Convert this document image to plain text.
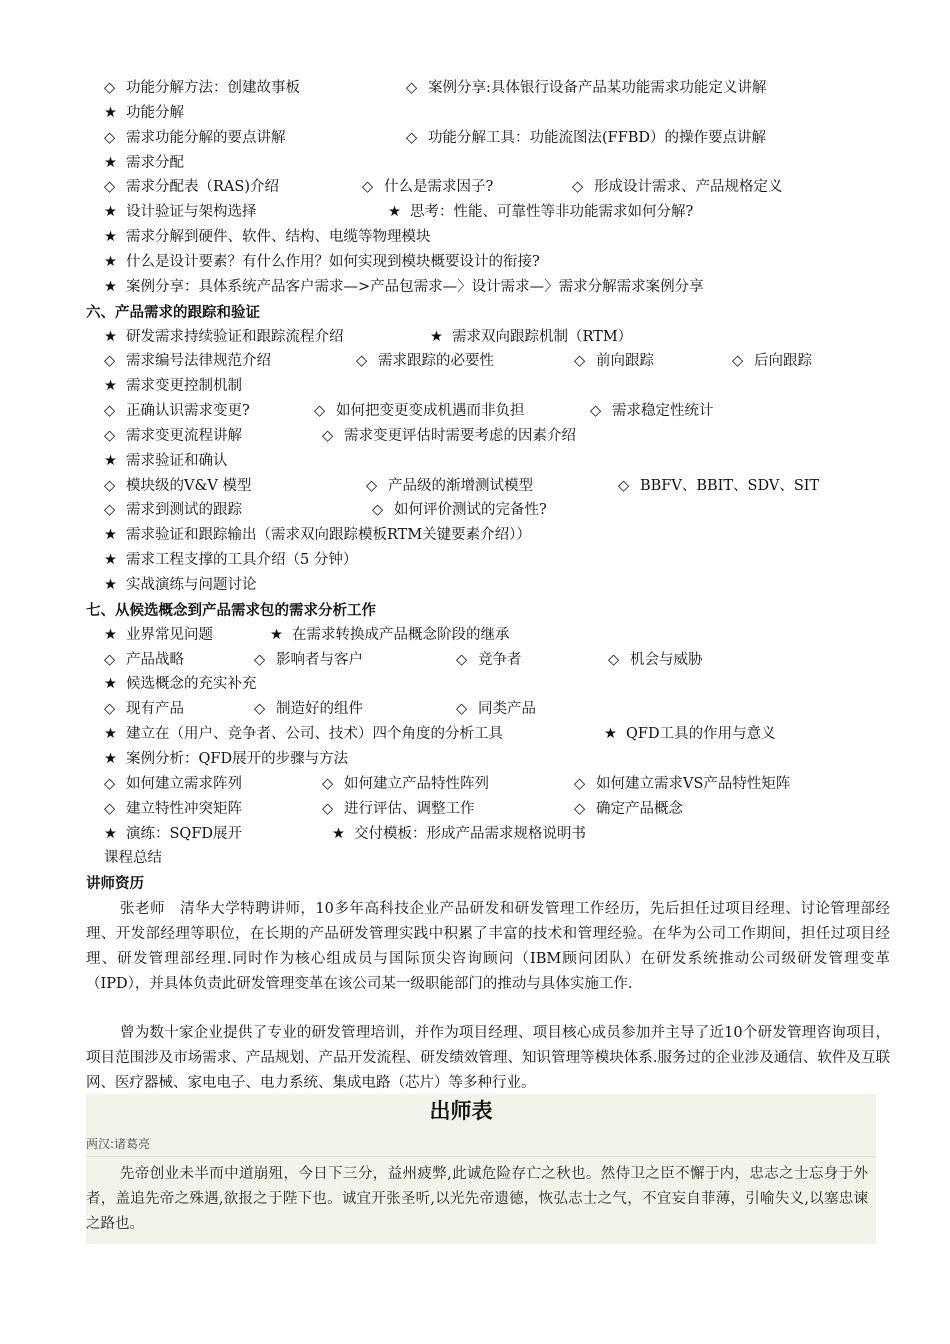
◇ 功能分解方法：创建故事板	◇ 案例分享:具体银行设备产品某功能需求功能定义讲解
★ 功能分解
◇ 需求功能分解的要点讲解	◇ 功能分解工具：功能流图法(FFBD）的操作要点讲解
★ 需求分配
◇ 需求分配表（RAS)介绍	◇ 什么是需求因子?	◇ 形成设计需求、产品规格定义
★ 设计验证与架构选择	★ 思考：性能、可靠性等非功能需求如何分解?
★ 需求分解到硬件、软件、结构、电缆等物理模块
★ 什么是设计要素？有什么作用？如何实现到模块概要设计的衔接?
★ 案例分享：具体系统产品客户需求—>产品包需求—〉设计需求—〉需求分解需求案例分享
六、产品需求的跟踪和验证
★ 研发需求持续验证和跟踪流程介绍	★ 需求双向跟踪机制（RTM）
◇ 需求编号法律规范介绍	◇ 需求跟踪的必要性	◇ 前向跟踪	◇ 后向跟踪
★ 需求变更控制机制
◇ 正确认识需求变更?	◇ 如何把变更变成机遇而非负担	◇ 需求稳定性统计
◇ 需求变更流程讲解	◇ 需求变更评估时需要考虑的因素介绍
★ 需求验证和确认
◇ 模块级的V&V 模型	◇ 产品级的渐增测试模型	◇ BBFV、BBIT、SDV、SIT
◇ 需求到测试的跟踪	◇ 如何评价测试的完备性?
★ 需求验证和跟踪输出（需求双向跟踪模板RTM关键要素介绍））
★ 需求工程支撑的工具介绍（5 分钟）
★ 实战演练与问题讨论
七、从候选概念到产品需求包的需求分析工作
★ 业界常见问题	★ 在需求转换成产品概念阶段的继承
◇ 产品战略	◇ 影响者与客户	◇ 竞争者	◇ 机会与威胁
★ 候选概念的充实补充
◇ 现有产品	◇ 制造好的组件	◇ 同类产品
★ 建立在（用户、竞争者、公司、技术）四个角度的分析工具	★ QFD工具的作用与意义
★ 案例分析：QFD展开的步骤与方法
◇ 如何建立需求阵列	◇ 如何建立产品特性阵列	◇ 如何建立需求VS产品特性矩阵
◇ 建立特性冲突矩阵	◇ 进行评估、调整工作	◇ 确定产品概念
★ 演练：SQFD展开	★ 交付模板：形成产品需求规格说明书
课程总结
讲师资历

张老师　清华大学特聘讲师，10多年高科技企业产品研发和研发管理工作经历，先后担任过项目经理、讨论管理部经理、开发部经理等职位，在长期的产品研发管理实践中积累了丰富的技术和管理经验。在华为公司工作期间，担任过项目经理、研发管理部经理.同时作为核心组成员与国际顶尖咨询顾问（IBM顾问团队）在研发系统推动公司级研发管理变革（IPD），并具体负责此研发管理变革在该公司某一级职能部门的推动与具体实施工作.

曾为数十家企业提供了专业的研发管理培训，并作为项目经理、项目核心成员参加并主导了近10个研发管理咨询项目，项目范围涉及市场需求、产品规划、产品开发流程、研发绩效管理、知识管理等模块体系.服务过的企业涉及通信、软件及互联网、医疗器械、家电电子、电力系统、集成电路（芯片）等多种行业。

出师表
两汉:诸葛亮

先帝创业未半而中道崩殂，今日下三分，益州疲弊,此诚危险存亡之秋也。然侍卫之臣不懈于内，忠志之士忘身于外者，盖追先帝之殊遇,欲报之于陛下也。诚宜开张圣听,以光先帝遗德，恢弘志士之气，不宜妄自菲薄，引喻失义,以塞忠谏之路也。
